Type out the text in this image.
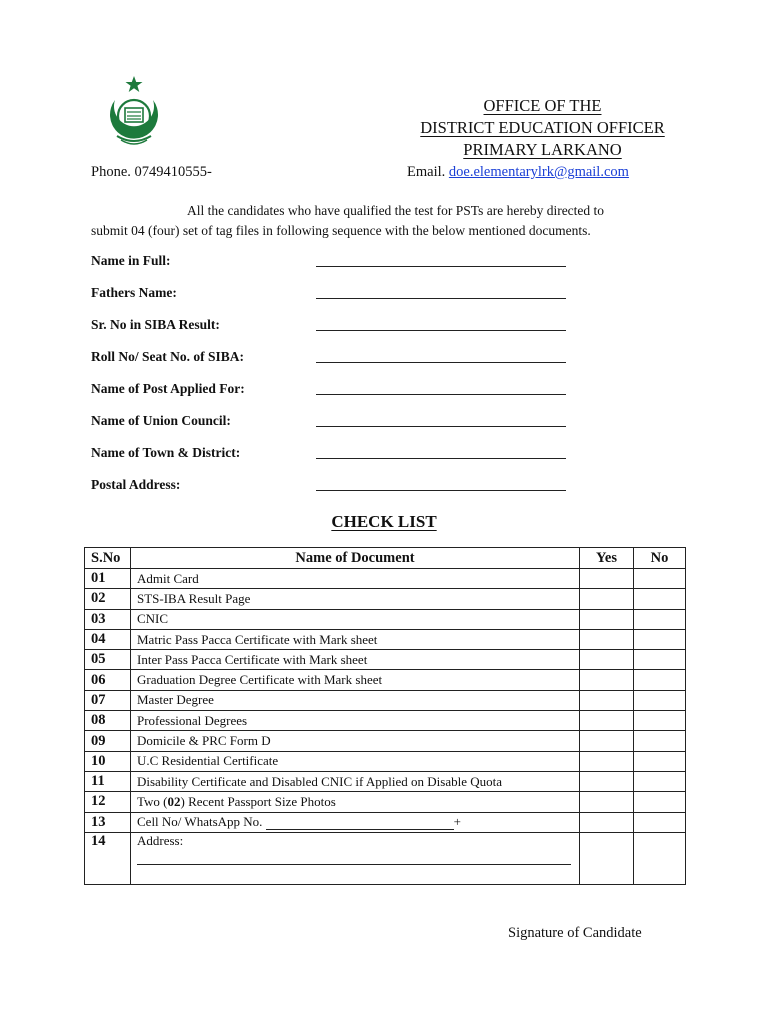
OFFICE OF THE
DISTRICT EDUCATION OFFICER
PRIMARY LARKANO
Phone. 0749410555-	Email. doe.elementarylrk@gmail.com
All the candidates who have qualified the test for PSTs are hereby directed to
submit 04 (four) set of tag files in following sequence with the below mentioned documents.
Name in Full:
Fathers Name:
Sr. No in SIBA Result:
Roll No/ Seat No. of SIBA:
Name of Post Applied For:
Name of Union Council:
Name of Town & District:
Postal Address:
CHECK LIST
S.No	Name of Document	Yes	No
01	Admit Card		
02	STS-IBA Result Page		
03	CNIC		
04	Matric Pass Pacca Certificate with Mark sheet		
05	Inter Pass Pacca Certificate with Mark sheet		
06	Graduation Degree Certificate with Mark sheet		
07	Master Degree		
08	Professional Degrees		
09	Domicile & PRC Form D		
10	U.C Residential Certificate		
11	Disability Certificate and Disabled CNIC if Applied on Disable Quota		
12	Two (02) Recent Passport Size Photos		
13	Cell No/ WhatsApp No. +		
14	Address:		

Signature of Candidate
